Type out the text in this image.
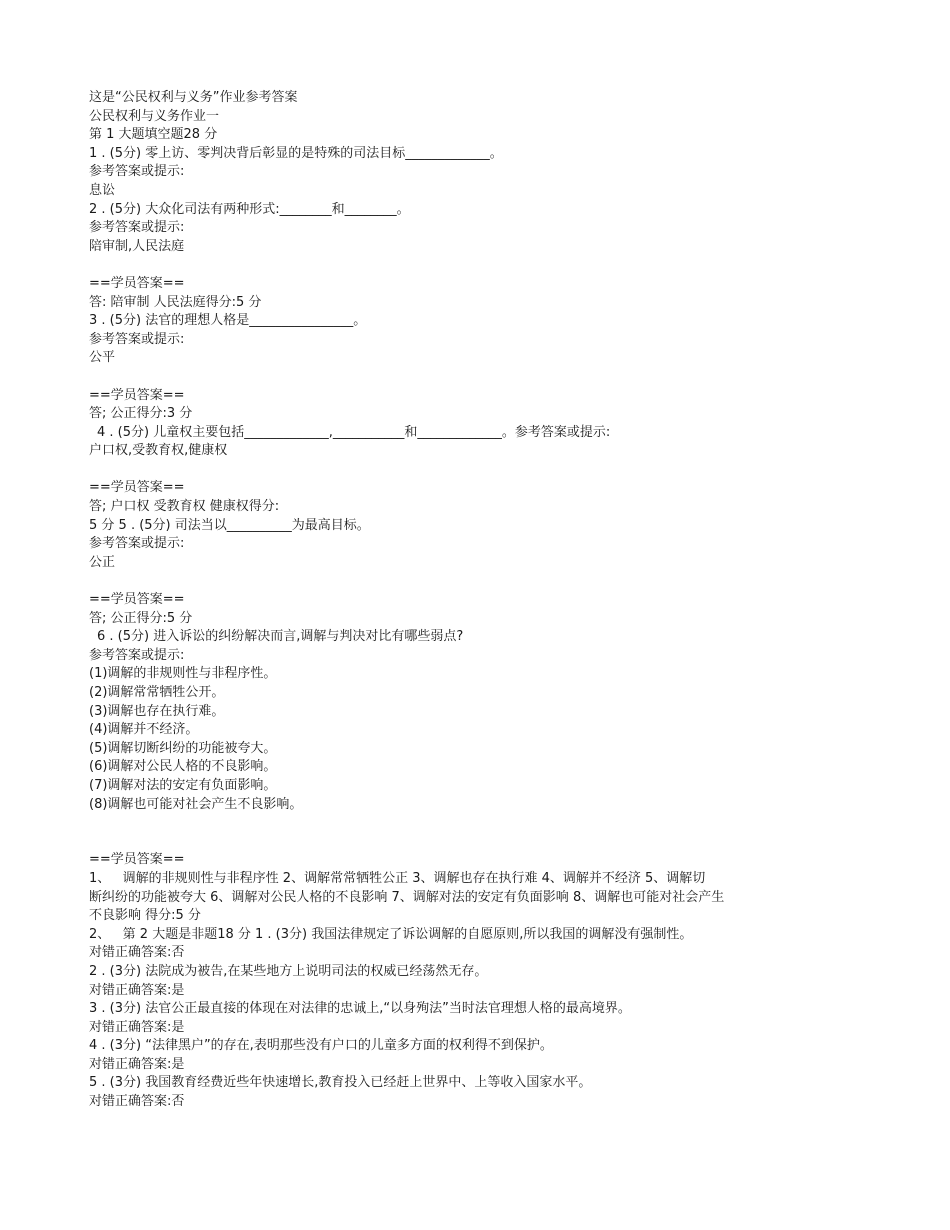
这是“公民权利与义务”作业参考答案
公民权利与义务作业一
第 1 大题填空题28 分
1 . (5分) 零上访、零判决背后彰显的是特殊的司法目标_____________。
参考答案或提示:
息讼
2 . (5分) 大众化司法有两种形式:________和________。
参考答案或提示:
陪审制,人民法庭
==学员答案==
答: 陪审制 人民法庭得分:5 分
3 . (5分) 法官的理想人格是________________。
参考答案或提示:
公平
==学员答案==
答; 公正得分:3 分
4 . (5分) 儿童权主要包括_____________,___________和_____________。参考答案或提示:
户口权,受教育权,健康权
==学员答案==
答; 户口权 受教育权 健康权得分:
5 分 5 . (5分) 司法当以__________为最高目标。
参考答案或提示:
公正
==学员答案==
答; 公正得分:5 分
6 . (5分) 进入诉讼的纠纷解决而言,调解与判决对比有哪些弱点?
参考答案或提示:
(1)调解的非规则性与非程序性。
(2)调解常常牺牲公开。
(3)调解也存在执行难。
(4)调解并不经济。
(5)调解切断纠纷的功能被夸大。
(6)调解对公民人格的不良影响。
(7)调解对法的安定有负面影响。
(8)调解也可能对社会产生不良影响。
==学员答案==
1、   调解的非规则性与非程序性 2、调解常常牺牲公正 3、调解也存在执行难 4、调解并不经济 5、调解切
断纠纷的功能被夸大 6、调解对公民人格的不良影响 7、调解对法的安定有负面影响 8、调解也可能对社会产生
不良影响 得分:5 分
2、   第 2 大题是非题18 分 1 . (3分) 我国法律规定了诉讼调解的自愿原则,所以我国的调解没有强制性。
对错正确答案:否
2 . (3分) 法院成为被告,在某些地方上说明司法的权威已经荡然无存。
对错正确答案:是
3 . (3分) 法官公正最直接的体现在对法律的忠诚上,“以身殉法”当时法官理想人格的最高境界。
对错正确答案:是
4 . (3分) “法律黑户”的存在,表明那些没有户口的儿童多方面的权利得不到保护。
对错正确答案:是
5 . (3分) 我国教育经费近些年快速增长,教育投入已经赶上世界中、上等收入国家水平。
对错正确答案:否
